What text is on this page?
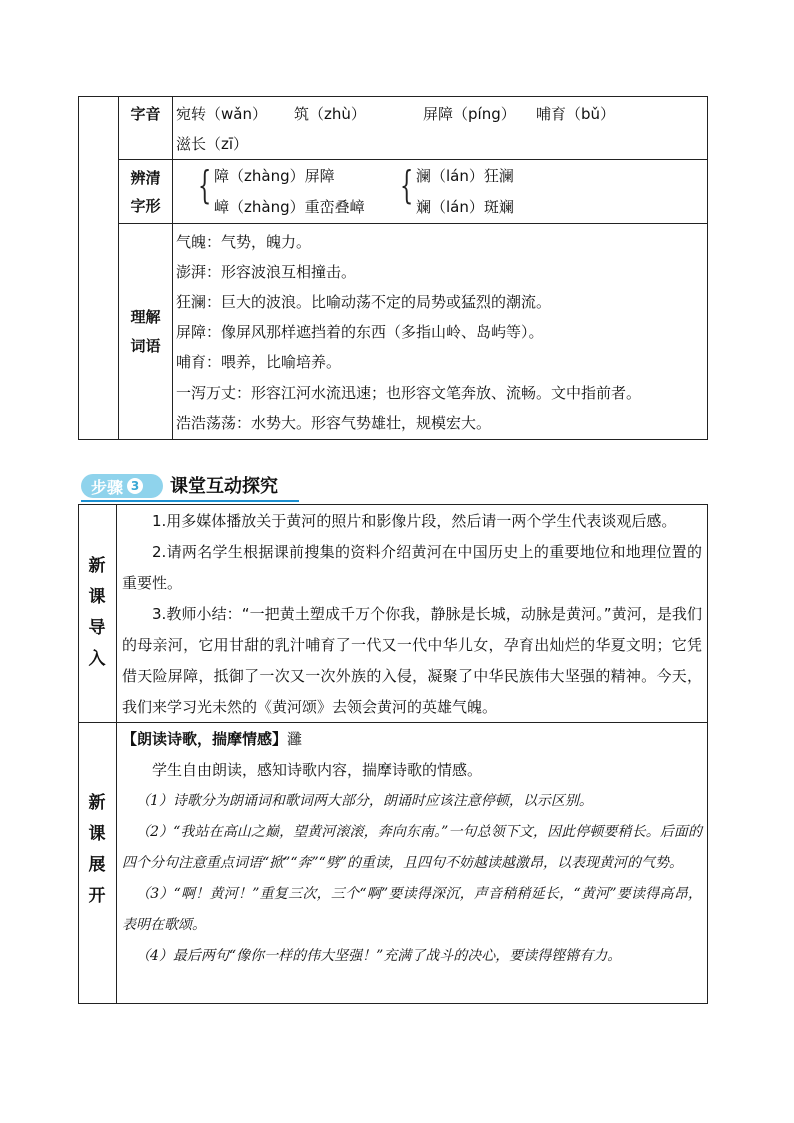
字音	宛转（wǎn） 筑（zhù）	屏障（píng） 哺育（bǔ）
滋长（zī）
辨清
字形 { 障（zhàng）屏障
嶂（zhàng）重峦叠嶂 { 澜（lán）狂澜
斓（lán）斑斓
理解
词语
气魄：气势，魄力。
澎湃：形容波浪互相撞击。
狂澜：巨大的波浪。比喻动荡不定的局势或猛烈的潮流。
屏障：像屏风那样遮挡着的东西（多指山岭、岛屿等）。
哺育：喂养，比喻培养。
一泻万丈：形容江河水流迅速；也形容文笔奔放、流畅。文中指前者。
浩浩荡荡：水势大。形容气势雄壮，规模宏大。
步骤 3 课堂互动探究
新
课
导
入

1.用多媒体播放关于黄河的照片和影像片段，然后请一两个学生代表谈观后感。

2.请两名学生根据课前搜集的资料介绍黄河在中国历史上的重要地位和地理位置的重要性。

3.教师小结：“一把黄土塑成千万个你我，静脉是长城，动脉是黄河。”黄河，是我们的母亲河，它用甘甜的乳汁哺育了一代又一代中华儿女，孕育出灿烂的华夏文明；它凭借天险屏障，抵御了一次又一次外族的入侵，凝聚了中华民族伟大坚强的精神。今天，我们来学习光未然的《黄河颂》去领会黄河的英雄气魄。

新
课
展
开

【朗读诗歌，揣摩情感】灉

学生自由朗读，感知诗歌内容，揣摩诗歌的情感。

（1）诗歌分为朗诵词和歌词两大部分，朗诵时应该注意停顿，以示区别。

（2）“我站在高山之巅，望黄河滚滚，奔向东南。”一句总领下文，因此停顿要稍长。后面的四个分句注意重点词语“掀”“奔”“劈”的重读，且四句不妨越读越激昂，以表现黄河的气势。

（3）“啊！黄河！”重复三次，三个“啊”要读得深沉，声音稍稍延长，“黄河”要读得高昂，表明在歌颂。

（4）最后两句“像你一样的伟大坚强！”充满了战斗的决心，要读得铿锵有力。
